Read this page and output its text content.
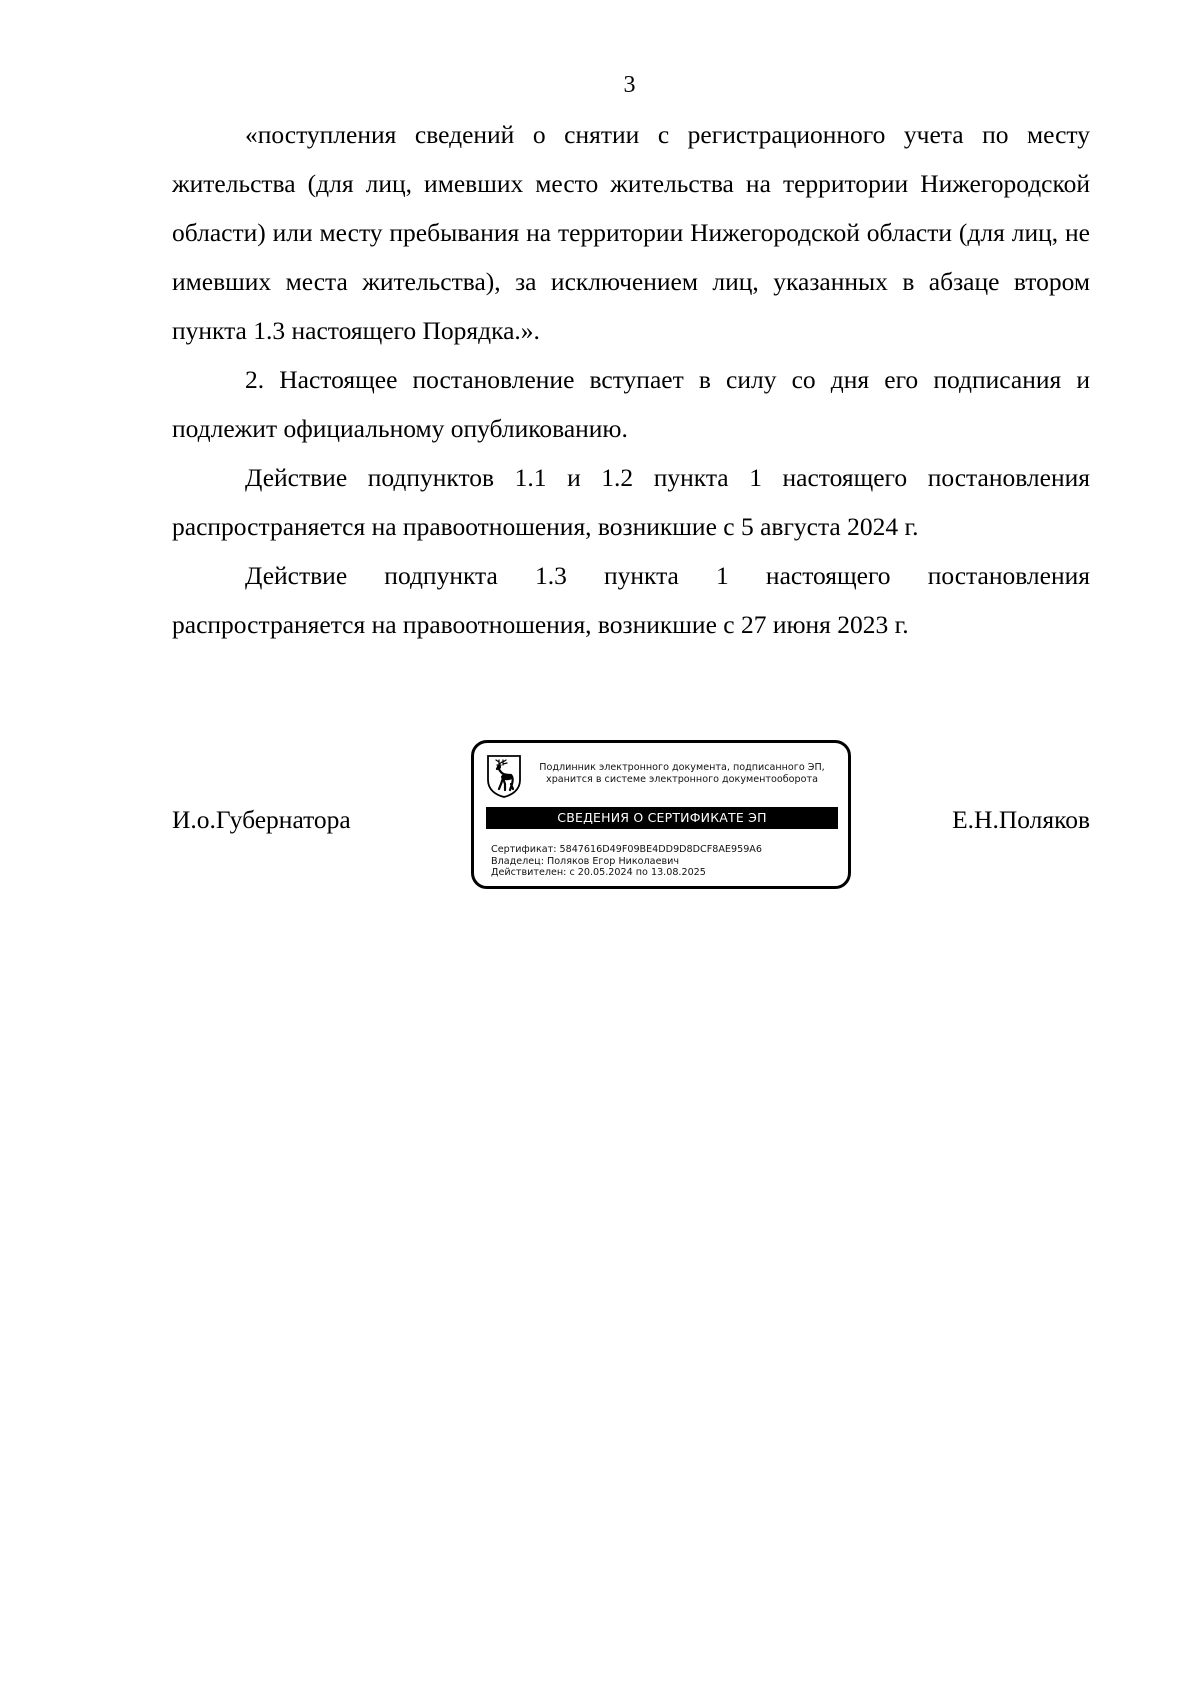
3

«поступления сведений о снятии с регистрационного учета по месту жительства (для лиц, имевших место жительства на территории Нижегородской области) или месту пребывания на территории Нижегородской области (для лиц, не имевших места жительства), за исключением лиц, указанных в абзаце втором пункта 1.3 настоящего Порядка.».

2. Настоящее постановление вступает в силу со дня его подписания и подлежит официальному опубликованию.

Действие подпунктов 1.1 и 1.2 пункта 1 настоящего постановления распространяется на правоотношения, возникшие с 5 августа 2024 г.

Действие подпункта 1.3 пункта 1 настоящего постановления распространяется на правоотношения, возникшие с 27 июня 2023 г.

И.о.Губернатора
Подлинник электронного документа, подписанного ЭП,
хранится в системе электронного документооборота
СВЕДЕНИЯ О СЕРТИФИКАТЕ ЭП
Сертификат: 5847616D49F09BE4DD9D8DCF8AE959A6
Владелец: Поляков Егор Николаевич
Действителен: с 20.05.2024 по 13.08.2025
Е.Н.Поляков
